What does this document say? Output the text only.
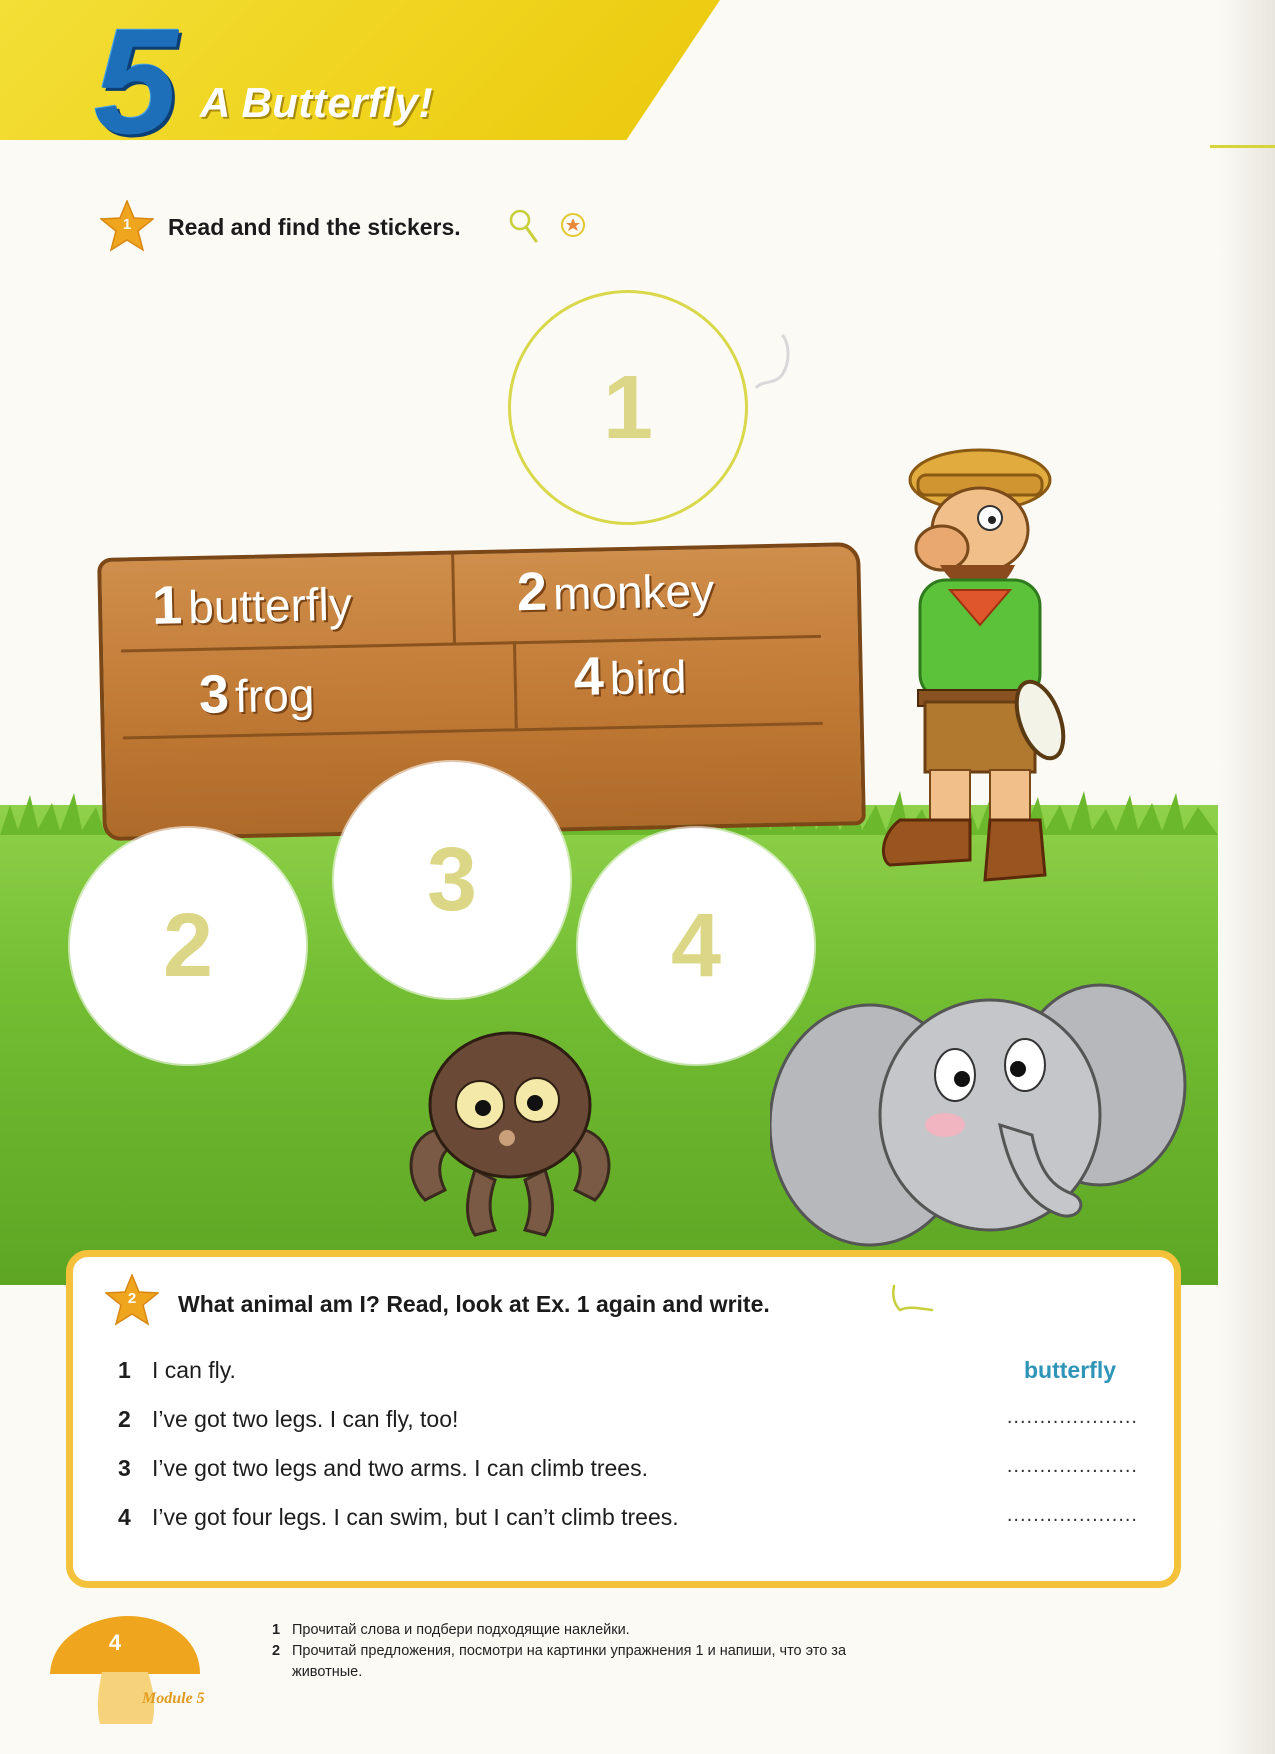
5 A Butterfly!
1	Read and find the stickers.
1
1 butterfly	2 monkey
3 frog	4 bird
2
3
4
2	What animal am I? Read, look at Ex. 1 again and write.
1 I can fly.	butterfly
2 I’ve got two legs. I can fly, too!	....................
3 I’ve got two legs and two arms. I can climb trees.	....................
4 I’ve got four legs. I can swim, but I can’t climb trees.	....................
4
Module 5
1 Прочитай слова и подбери подходящие наклейки.
2 Прочитай предложения, посмотри на картинки упражнения 1 и напиши, что это за
животные.
